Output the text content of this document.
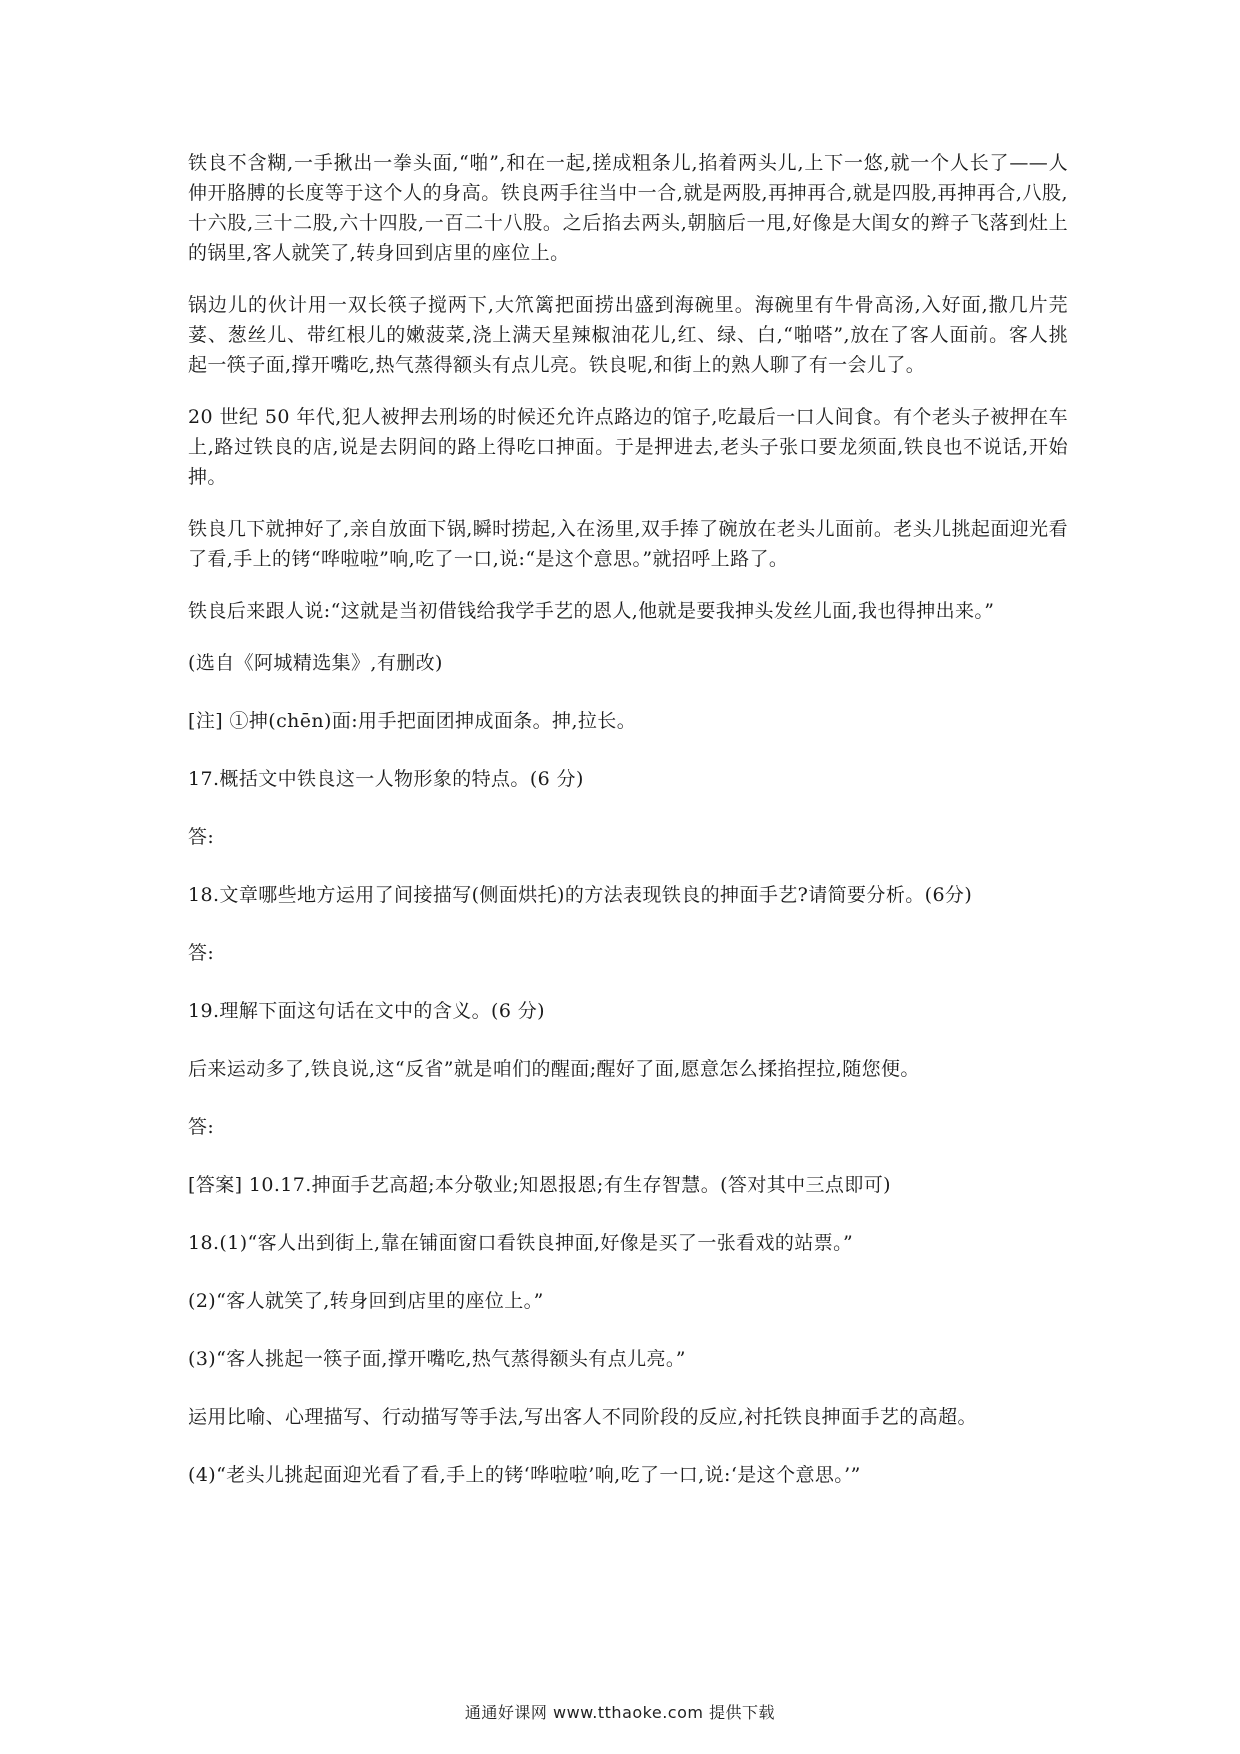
铁良不含糊,一手揪出一拳头面,“啪”,和在一起,搓成粗条儿,掐着两头儿,上下一悠,就一个人长了——人伸开胳膊的长度等于这个人的身高。铁良两手往当中一合,就是两股,再抻再合,就是四股,再抻再合,八股,十六股,三十二股,六十四股,一百二十八股。之后掐去两头,朝脑后一甩,好像是大闺女的辫子飞落到灶上的锅里,客人就笑了,转身回到店里的座位上。

锅边儿的伙计用一双长筷子搅两下,大笊篱把面捞出盛到海碗里。海碗里有牛骨高汤,入好面,撒几片芫荽、葱丝儿、带红根儿的嫩菠菜,浇上满天星辣椒油花儿,红、绿、白,“啪嗒”,放在了客人面前。客人挑起一筷子面,撑开嘴吃,热气蒸得额头有点儿亮。铁良呢,和街上的熟人聊了有一会儿了。

20 世纪 50 年代,犯人被押去刑场的时候还允许点路边的馆子,吃最后一口人间食。有个老头子被押在车上,路过铁良的店,说是去阴间的路上得吃口抻面。于是押进去,老头子张口要龙须面,铁良也不说话,开始抻。

铁良几下就抻好了,亲自放面下锅,瞬时捞起,入在汤里,双手捧了碗放在老头儿面前。老头儿挑起面迎光看了看,手上的铐“哗啦啦”响,吃了一口,说:“是这个意思。”就招呼上路了。

铁良后来跟人说:“这就是当初借钱给我学手艺的恩人,他就是要我抻头发丝儿面,我也得抻出来。”

(选自《阿城精选集》,有删改)

[注] ①抻(chēn)面:用手把面团抻成面条。抻,拉长。

17.概括文中铁良这一人物形象的特点。(6 分)

答:

18.文章哪些地方运用了间接描写(侧面烘托)的方法表现铁良的抻面手艺?请简要分析。(6分)

答:

19.理解下面这句话在文中的含义。(6 分)

后来运动多了,铁良说,这“反省”就是咱们的醒面;醒好了面,愿意怎么揉掐捏拉,随您便。

答:

[答案] 10.17.抻面手艺高超;本分敬业;知恩报恩;有生存智慧。(答对其中三点即可)

18.(1)“客人出到街上,靠在铺面窗口看铁良抻面,好像是买了一张看戏的站票。”

(2)“客人就笑了,转身回到店里的座位上。”

(3)“客人挑起一筷子面,撑开嘴吃,热气蒸得额头有点儿亮。”

运用比喻、心理描写、行动描写等手法,写出客人不同阶段的反应,衬托铁良抻面手艺的高超。

(4)“老头儿挑起面迎光看了看,手上的铐‘哗啦啦’响,吃了一口,说:‘是这个意思。’”

通通好课网 www.tthaoke.com 提供下载
